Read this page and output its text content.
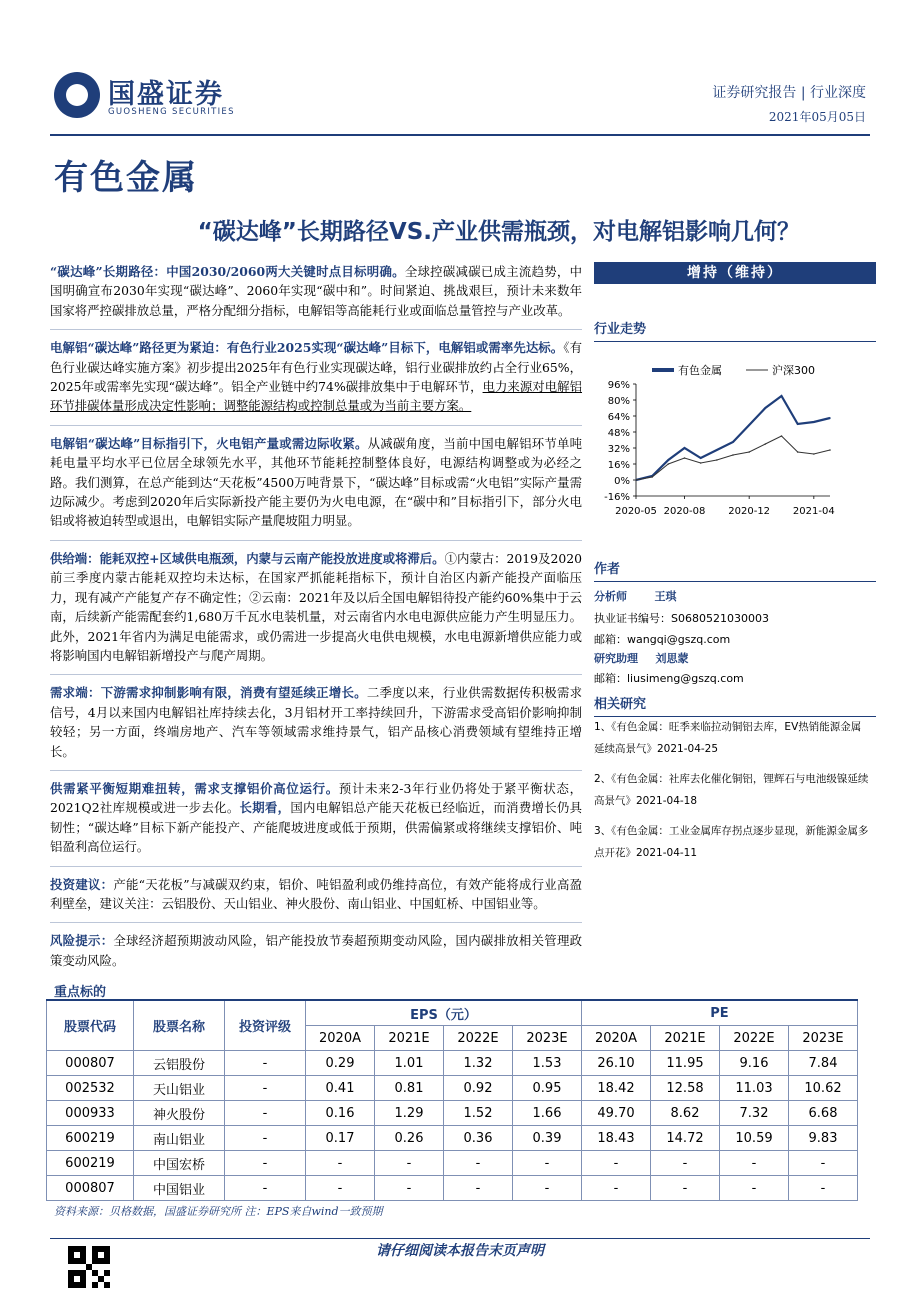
国盛证券
GUOSHENG SECURITIES
证券研究报告 | 行业深度
2021年05月05日
有色金属
“碳达峰”长期路径VS.产业供需瓶颈，对电解铝影响几何？

“碳达峰”长期路径：中国2030/2060两大关键时点目标明确。全球控碳减碳已成主流趋势，中国明确宣布2030年实现“碳达峰”、2060年实现“碳中和”。时间紧迫、挑战艰巨，预计未来数年国家将严控碳排放总量，严格分配细分指标，电解铝等高能耗行业或面临总量管控与产业改革。

电解铝“碳达峰”路径更为紧迫：有色行业2025实现“碳达峰”目标下，电解铝或需率先达标。《有色行业碳达峰实施方案》初步提出2025年有色行业实现碳达峰，铝行业碳排放约占全行业65%，2025年或需率先实现“碳达峰”。铝全产业链中约74%碳排放集中于电解环节，电力来源对电解铝环节排碳体量形成决定性影响；调整能源结构或控制总量或为当前主要方案。

电解铝“碳达峰”目标指引下，火电铝产量或需边际收紧。从减碳角度，当前中国电解铝环节单吨耗电量平均水平已位居全球领先水平，其他环节能耗控制整体良好，电源结构调整或为必经之路。我们测算，在总产能到达“天花板”4500万吨背景下，“碳达峰”目标或需“火电铝”实际产量需边际减少。考虑到2020年后实际新投产能主要仍为火电电源，在“碳中和”目标指引下，部分火电铝或将被迫转型或退出，电解铝实际产量爬坡阻力明显。

供给端：能耗双控+区域供电瓶颈，内蒙与云南产能投放进度或将滞后。①内蒙古：2019及2020前三季度内蒙古能耗双控均未达标，在国家严抓能耗指标下，预计自治区内新产能投产面临压力，现有减产产能复产存不确定性；②云南：2021年及以后全国电解铝待投产能约60%集中于云南，后续新产能需配套约1,680万千瓦水电装机量，对云南省内水电电源供应能力产生明显压力。此外，2021年省内为满足电能需求，或仍需进一步提高火电供电规模，水电电源新增供应能力或将影响国内电解铝新增投产与爬产周期。

需求端：下游需求抑制影响有限，消费有望延续正增长。二季度以来，行业供需数据传积极需求信号，4月以来国内电解铝社库持续去化，3月铝材开工率持续回升，下游需求受高铝价影响抑制较轻；另一方面，终端房地产、汽车等领域需求维持景气，铝产品核心消费领域有望维持正增长。

供需紧平衡短期难扭转，需求支撑铝价高位运行。预计未来2-3年行业仍将处于紧平衡状态，2021Q2社库规模或进一步去化。长期看，国内电解铝总产能天花板已经临近，而消费增长仍具韧性；“碳达峰”目标下新产能投产、产能爬坡进度或低于预期，供需偏紧或将继续支撑铝价、吨铝盈利高位运行。

投资建议：产能“天花板”与减碳双约束，铝价、吨铝盈利或仍维持高位，有效产能将成行业高盈利壁垒，建议关注：云铝股份、天山铝业、神火股份、南山铝业、中国虹桥、中国铝业等。

风险提示：全球经济超预期波动风险，铝产能投放节奏超预期变动风险，国内碳排放相关管理政策变动风险。

增持（维持）
行业走势
有色金属	沪深300
96%
80%
64%
48%
32%
16%
0%
-16%
2020-05 2020-08 2020-12 2021-04
作者
分析师	王琪
执业证书编号：S0680521030003
邮箱：wangqi@gszq.com
研究助理 刘思蒙
邮箱：liusimeng@gszq.com
相关研究
1、《有色金属：旺季来临拉动铜铝去库，EV热销能源金属延续高景气》2021-04-25
2、《有色金属：社库去化催化铜铝，锂辉石与电池级镍延续高景气》2021-04-18
3、《有色金属：工业金属库存拐点逐步显现，新能源金属多点开花》2021-04-11
重点标的
股票代码	股票名称	投资评级	EPS（元）				PE			
			2020A	2021E	2022E	2023E	2020A	2021E	2022E	2023E
000807	云铝股份	-	0.29	1.01	1.32	1.53	26.10	11.95	9.16	7.84
002532	天山铝业	-	0.41	0.81	0.92	0.95	18.42	12.58	11.03	10.62
000933	神火股份	-	0.16	1.29	1.52	1.66	49.70	8.62	7.32	6.68
600219	南山铝业	-	0.17	0.26	0.36	0.39	18.43	14.72	10.59	9.83
600219	中国宏桥	-	-	-	-	-	-	-	-	-
000807	中国铝业	-	-	-	-	-	-	-	-	-
资料来源：贝格数据，国盛证券研究所 注：EPS来自wind一致预期
请仔细阅读本报告末页声明
